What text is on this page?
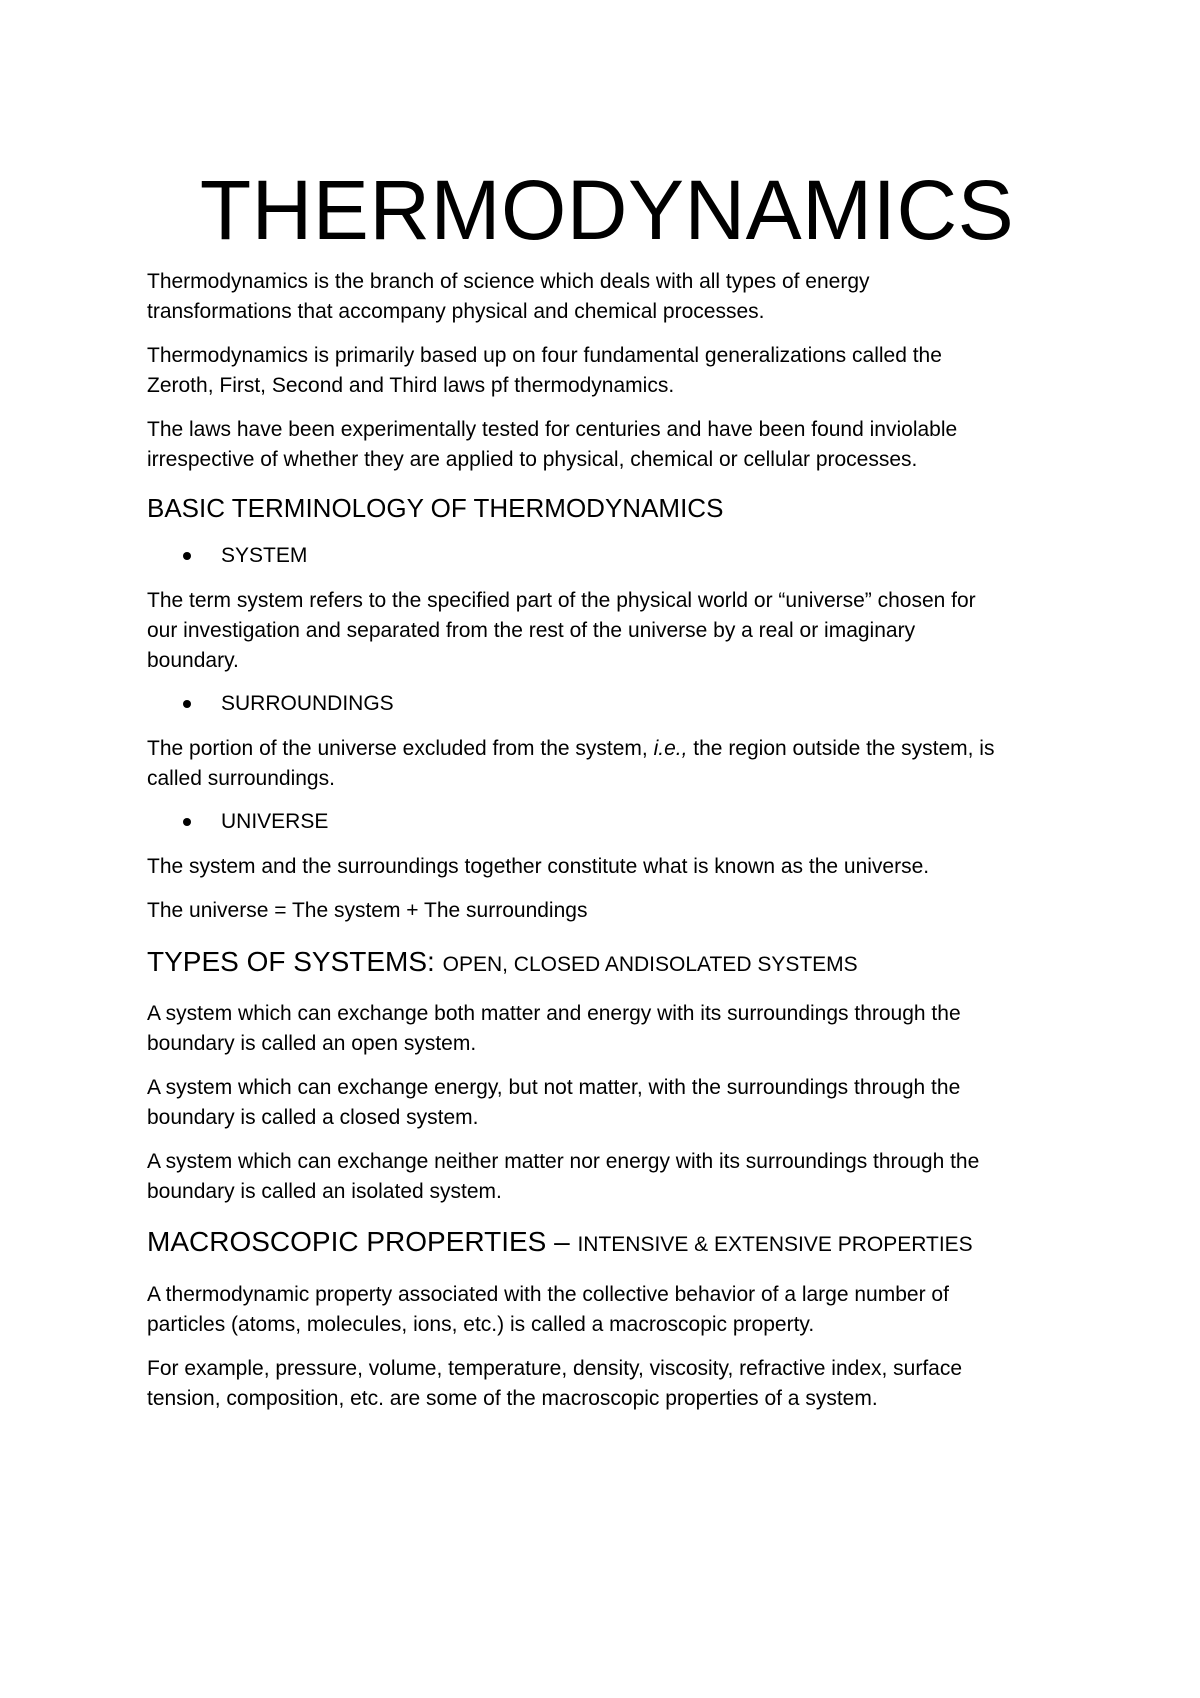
THERMODYNAMICS

Thermodynamics is the branch of science which deals with all types of energy

transformations that accompany physical and chemical processes.

Thermodynamics is primarily based up on four fundamental generalizations called the

Zeroth, First, Second and Third laws pf thermodynamics.

The laws have been experimentally tested for centuries and have been found inviolable

irrespective of whether they are applied to physical, chemical or cellular processes.

BASIC TERMINOLOGY OF THERMODYNAMICS
SYSTEM

The term system refers to the specified part of the physical world or “universe” chosen for

our investigation and separated from the rest of the universe by a real or imaginary

boundary.

SURROUNDINGS

The portion of the universe excluded from the system, i.e., the region outside the system, is

called surroundings.

UNIVERSE

The system and the surroundings together constitute what is known as the universe.

The universe = The system + The surroundings

TYPES OF SYSTEMS: OPEN, CLOSED ANDISOLATED SYSTEMS

A system which can exchange both matter and energy with its surroundings through the

boundary is called an open system.

A system which can exchange energy, but not matter, with the surroundings through the

boundary is called a closed system.

A system which can exchange neither matter nor energy with its surroundings through the

boundary is called an isolated system.

MACROSCOPIC PROPERTIES – INTENSIVE & EXTENSIVE PROPERTIES

A thermodynamic property associated with the collective behavior of a large number of

particles (atoms, molecules, ions, etc.) is called a macroscopic property.

For example, pressure, volume, temperature, density, viscosity, refractive index, surface

tension, composition, etc. are some of the macroscopic properties of a system.
